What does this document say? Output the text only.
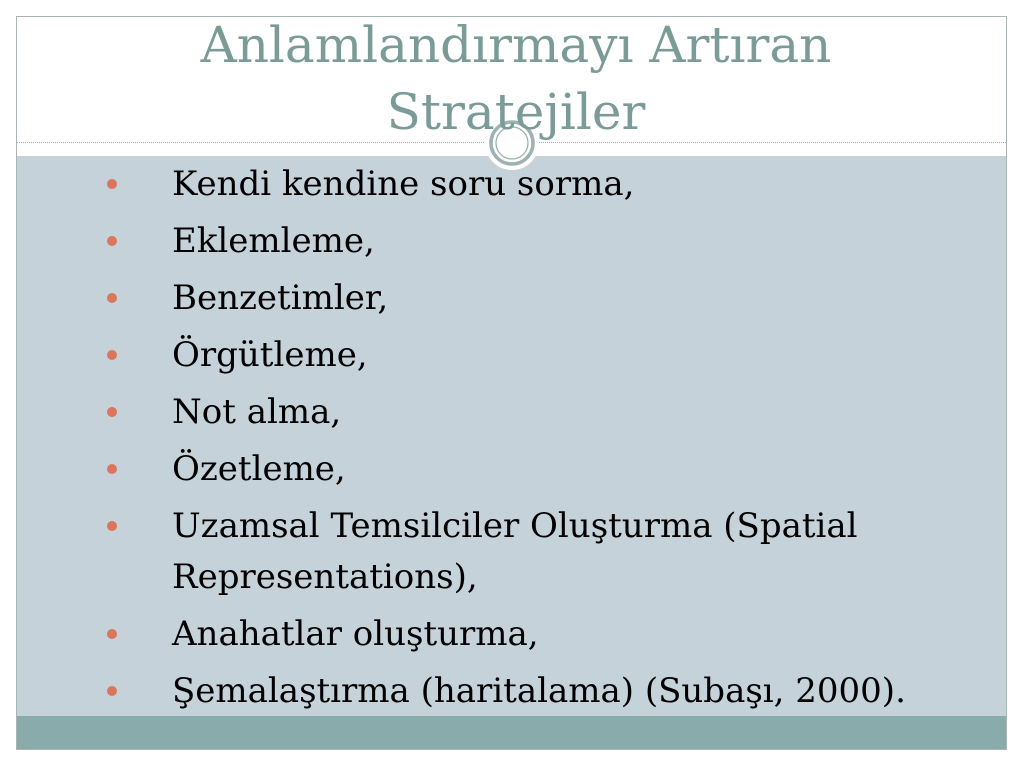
Anlamlandırmayı Artıran Stratejiler
Kendi kendine soru sorma,
Eklemleme,
Benzetimler,
Örgütleme,
Not alma,
Özetleme,
Uzamsal Temsilciler Oluşturma (Spatial Representations),
Anahatlar oluşturma,
Şemalaştırma (haritalama) (Subaşı, 2000).
